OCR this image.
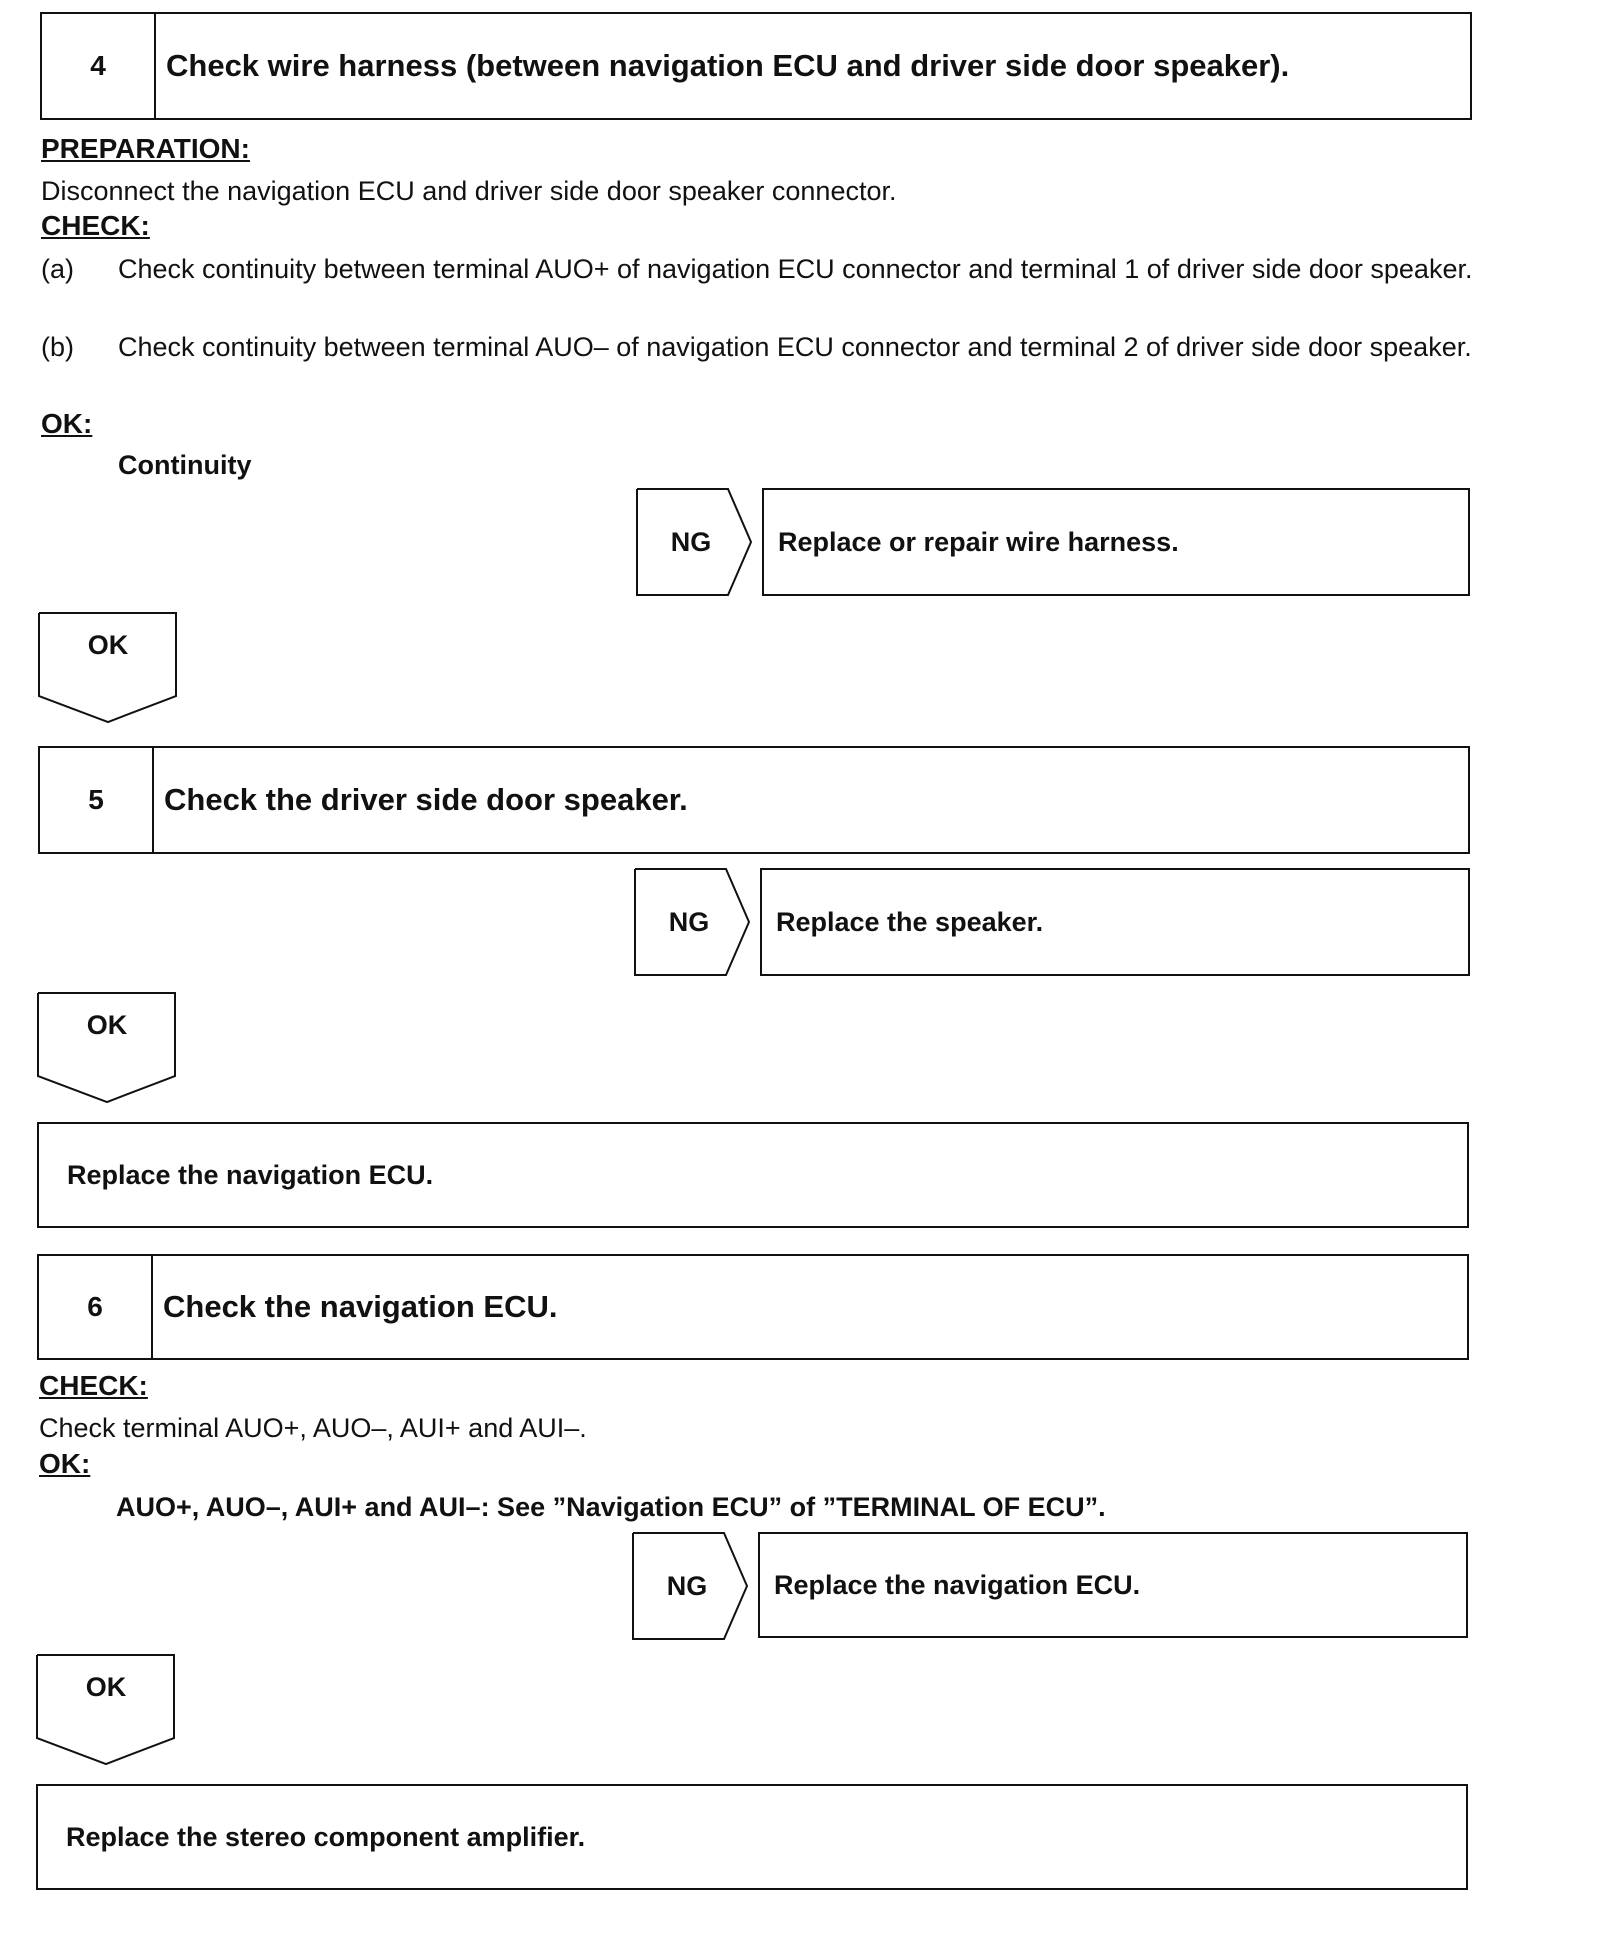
4	Check wire harness (between navigation ECU and driver side door speaker).
PREPARATION:
Disconnect the navigation ECU and driver side door speaker connector.
CHECK:
(a) Check continuity between terminal AUO+ of navigation ECU connector and terminal 1 of driver side door speaker.
(b) Check continuity between terminal AUO– of navigation ECU connector and terminal 2 of driver side door speaker.
OK:
Continuity
NG	Replace or repair wire harness.
OK
5	Check the driver side door speaker.
NG	Replace the speaker.
OK
Replace the navigation ECU.
6	Check the navigation ECU.
CHECK:
Check terminal AUO+, AUO–, AUI+ and AUI–.
OK:
AUO+, AUO–, AUI+ and AUI–: See ”Navigation ECU” of ”TERMINAL OF ECU”.
NG	Replace the navigation ECU.
OK
Replace the stereo component amplifier.
